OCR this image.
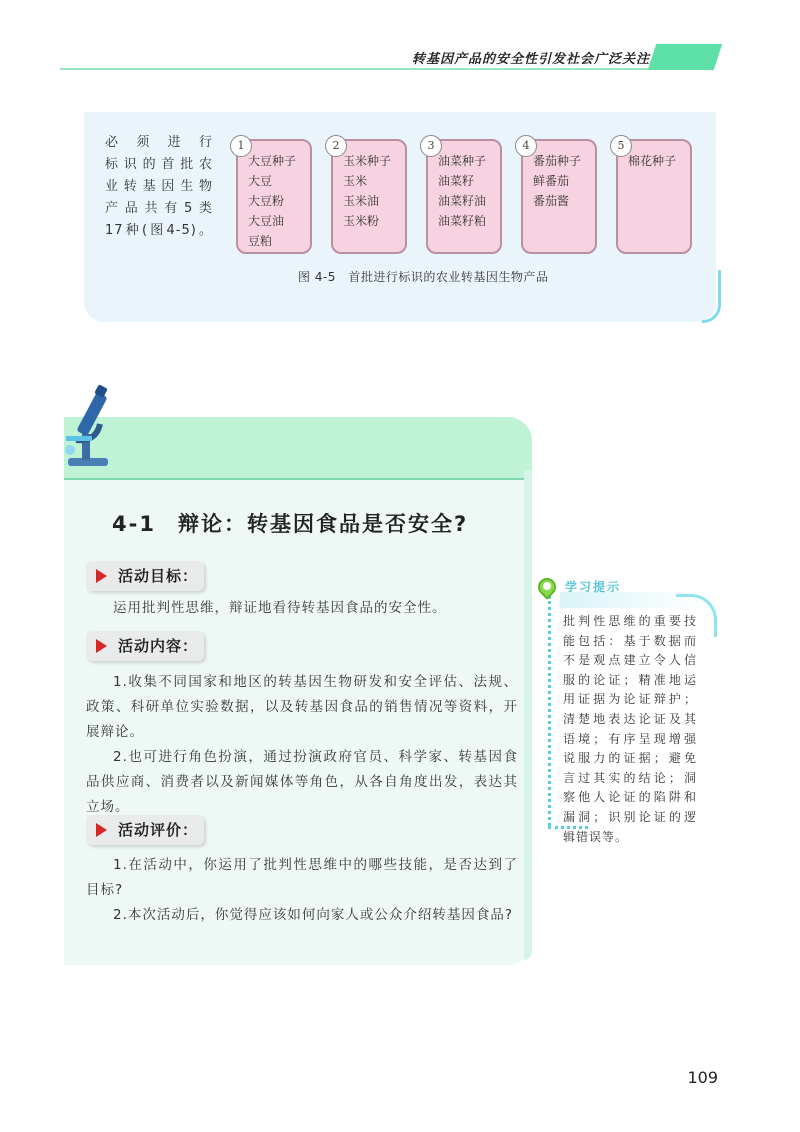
转基因产品的安全性引发社会广泛关注
必 须 进 行
标识的首批农
业转基因生物
产品共有5类
17种(图4-5)。
1
大豆种子
大豆
大豆粉
大豆油
豆粕
2
玉米种子
玉米
玉米油
玉米粉
3
油菜种子
油菜籽
油菜籽油
油菜籽粕
4
番茄种子
鲜番茄
番茄酱
5
棉花种子
图 4-5　首批进行标识的农业转基因生物产品
4-1 辩论：转基因食品是否安全?
活动目标：

运用批判性思维，辩证地看待转基因食品的安全性。

活动内容：

1.收集不同国家和地区的转基因生物研发和安全评估、法规、政策、科研单位实验数据，以及转基因食品的销售情况等资料，开展辩论。

2.也可进行角色扮演，通过扮演政府官员、科学家、转基因食品供应商、消费者以及新闻媒体等角色，从各自角度出发，表达其立场。

活动评价：

1.在活动中，你运用了批判性思维中的哪些技能，是否达到了目标?

2.本次活动后，你觉得应该如何向家人或公众介绍转基因食品?

学习提示
批判性思维的重要技
能包括：基于数据而
不是观点建立令人信
服的论证；精准地运
用证据为论证辩护；
清楚地表达论证及其
语境；有序呈现增强
说服力的证据；避免
言过其实的结论；洞
察他人论证的陷阱和
漏洞；识别论证的逻
辑错误等。
109
